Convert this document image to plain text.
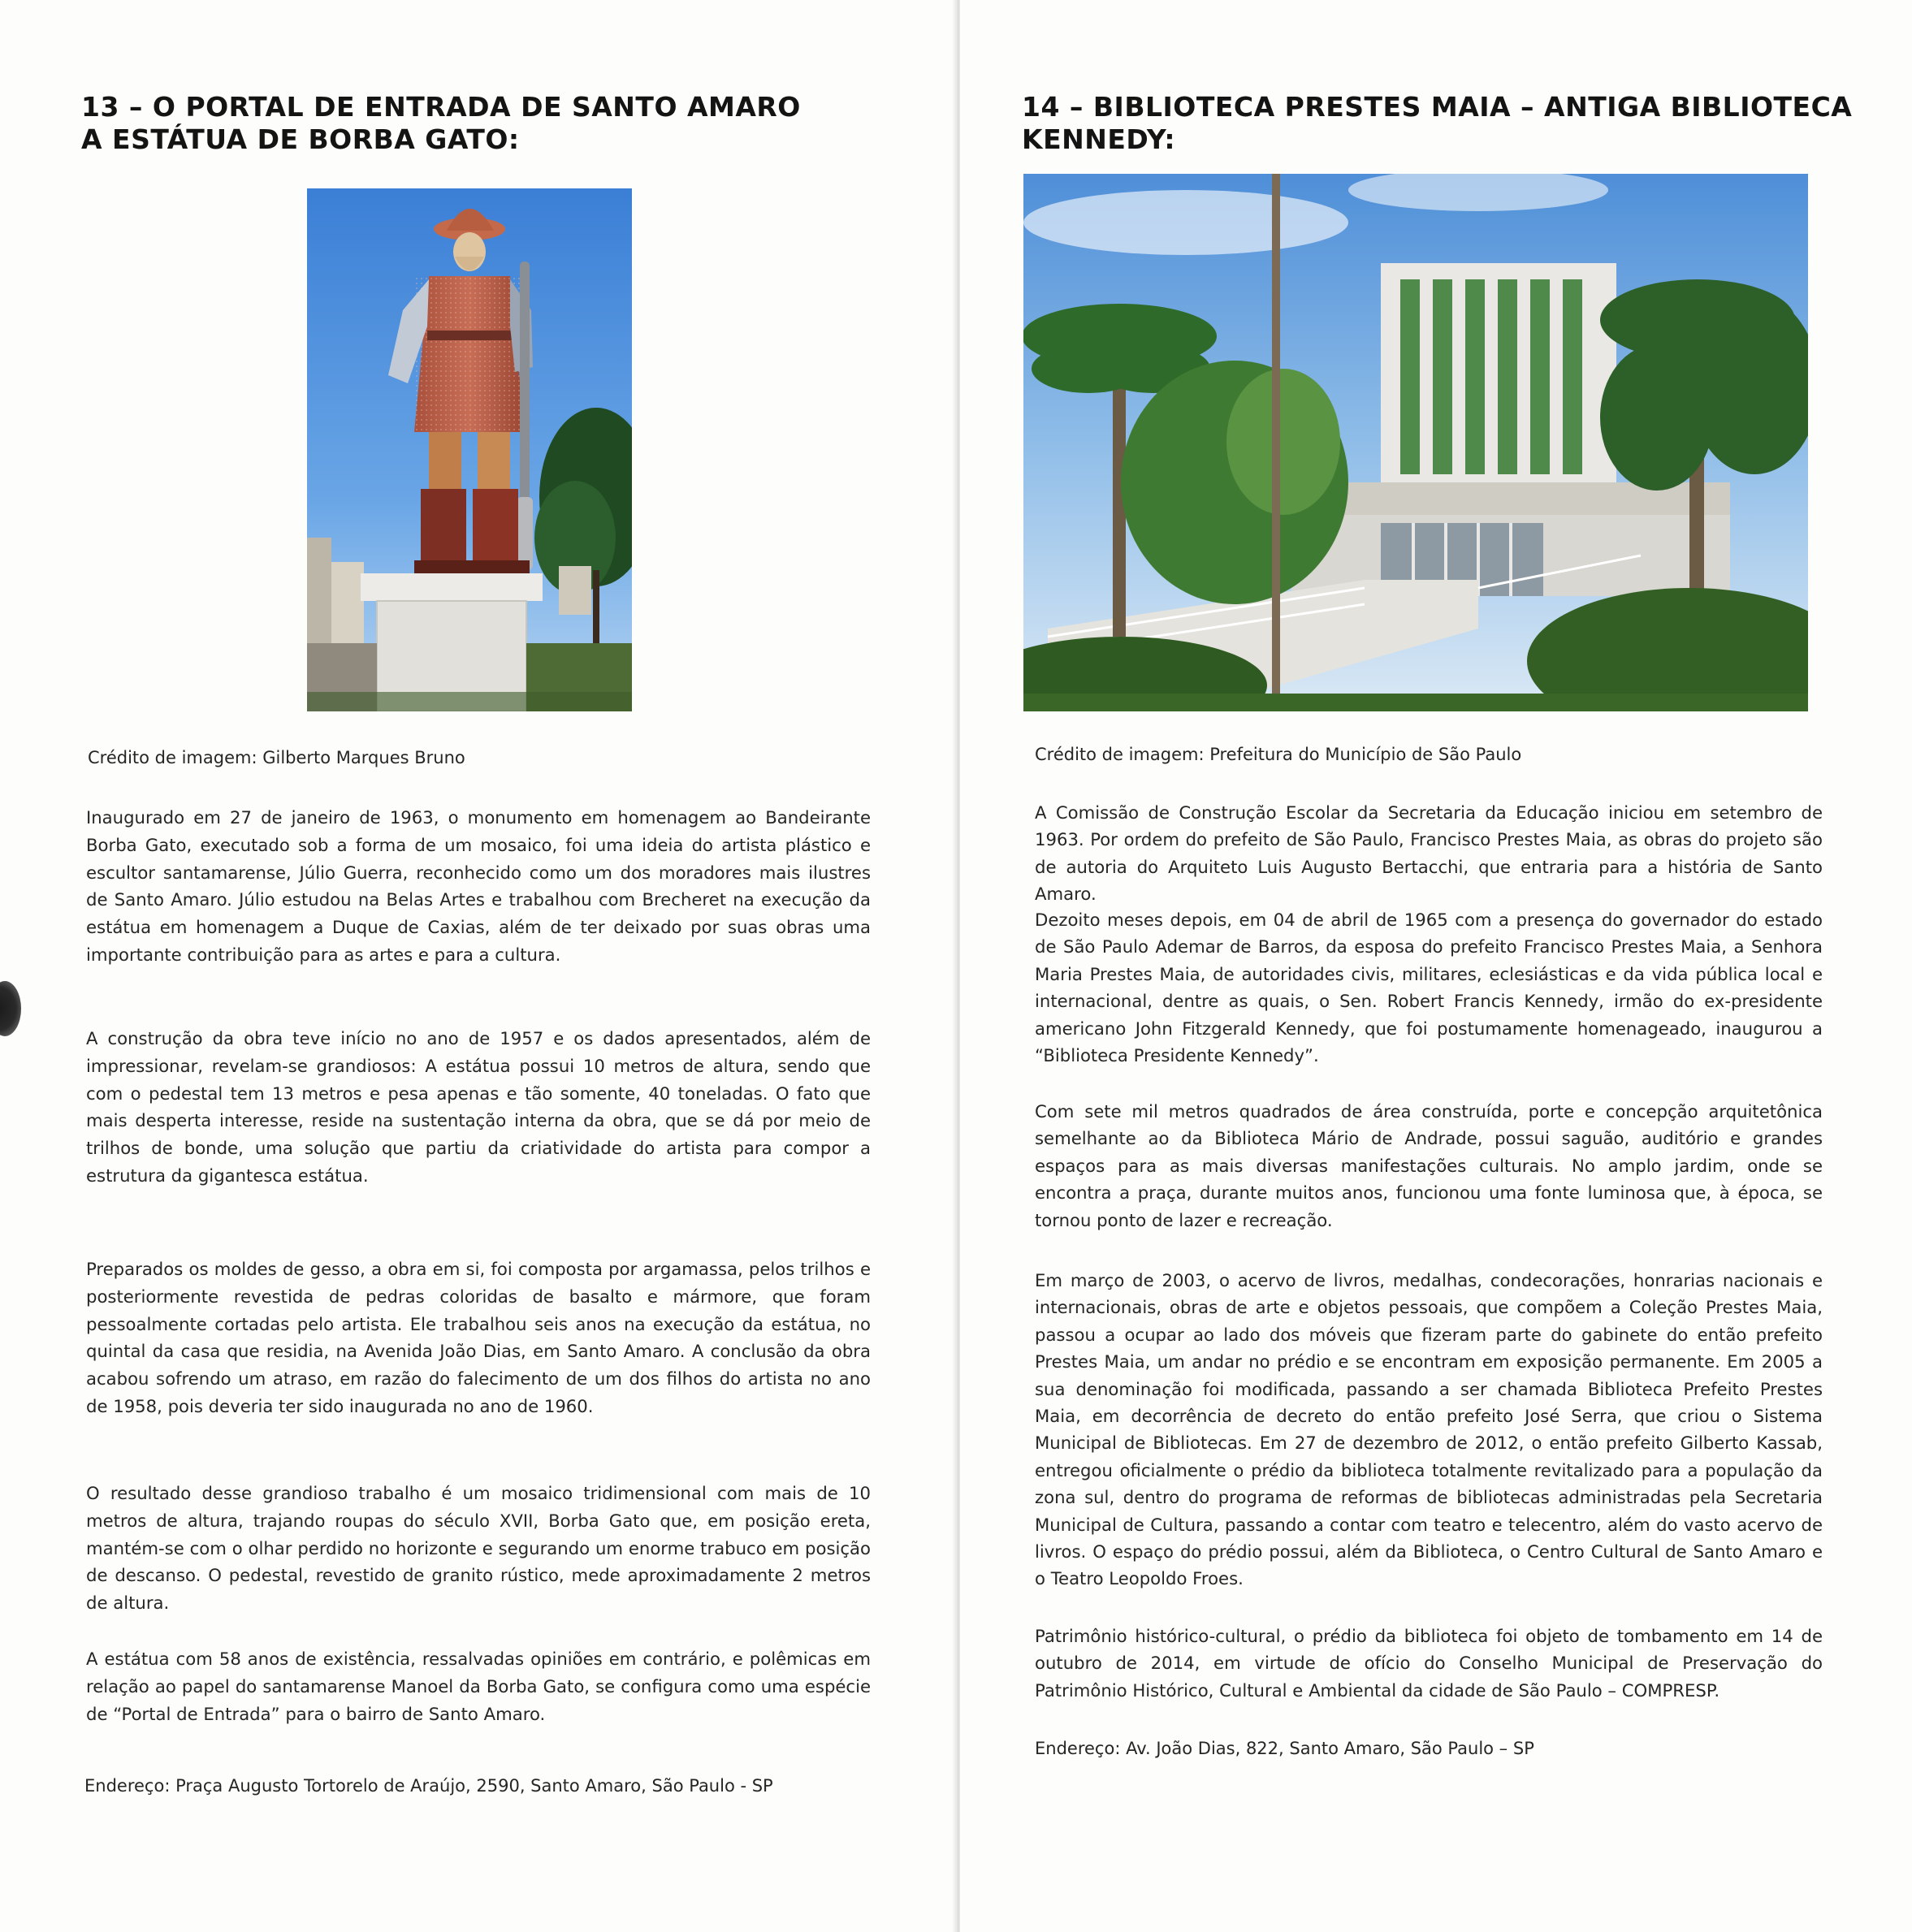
13 – O PORTAL DE ENTRADA DE SANTO AMARO
A ESTÁTUA DE BORBA GATO:

Crédito de imagem: Gilberto Marques Bruno

Inaugurado em 27 de janeiro de 1963, o monumento em homenagem ao Bandeirante Borba Gato, executado sob a forma de um mosaico, foi uma ideia do artista plástico e escultor santamarense, Júlio Guerra, reconhecido como um dos moradores mais ilustres de Santo Amaro. Júlio estudou na Belas Artes e trabalhou com Brecheret na execução da estátua em homenagem a Duque de Caxias, além de ter deixado por suas obras uma importante contribuição para as artes e para a cultura.

A construção da obra teve início no ano de 1957 e os dados apresentados, além de impressionar, revelam-se grandiosos: A estátua possui 10 metros de altura, sendo que com o pedestal tem 13 metros e pesa apenas e tão somente, 40 toneladas. O fato que mais desperta interesse, reside na sustentação interna da obra, que se dá por meio de trilhos de bonde, uma solução que partiu da criatividade do artista para compor a estrutura da gigantesca estátua.

Preparados os moldes de gesso, a obra em si, foi composta por argamassa, pelos trilhos e posteriormente revestida de pedras coloridas de basalto e mármore, que foram pessoalmente cortadas pelo artista. Ele trabalhou seis anos na execução da estátua, no quintal da casa que residia, na Avenida João Dias, em Santo Amaro. A conclusão da obra acabou sofrendo um atraso, em razão do falecimento de um dos filhos do artista no ano de 1958, pois deveria ter sido inaugurada no ano de 1960.

O resultado desse grandioso trabalho é um mosaico tridimensional com mais de 10 metros de altura, trajando roupas do século XVII, Borba Gato que, em posição ereta, mantém-se com o olhar perdido no horizonte e segurando um enorme trabuco em posição de descanso. O pedestal, revestido de granito rústico, mede aproximadamente 2 metros de altura.

A estátua com 58 anos de existência, ressalvadas opiniões em contrário, e polêmicas em relação ao papel do santamarense Manoel da Borba Gato, se configura como uma espécie de “Portal de Entrada” para o bairro de Santo Amaro.

Endereço: Praça Augusto Tortorelo de Araújo, 2590, Santo Amaro, São Paulo - SP

14 – BIBLIOTECA PRESTES MAIA – ANTIGA BIBLIOTECA
KENNEDY:

Crédito de imagem: Prefeitura do Município de São Paulo

A Comissão de Construção Escolar da Secretaria da Educação iniciou em setembro de 1963. Por ordem do prefeito de São Paulo, Francisco Prestes Maia, as obras do projeto são de autoria do Arquiteto Luis Augusto Bertacchi, que entraria para a história de Santo Amaro.

Dezoito meses depois, em 04 de abril de 1965 com a presença do governador do estado de São Paulo Ademar de Barros, da esposa do prefeito Francisco Prestes Maia, a Senhora Maria Prestes Maia, de autoridades civis, militares, eclesiásticas e da vida pública local e internacional, dentre as quais, o Sen. Robert Francis Kennedy, irmão do ex-presidente americano John Fitzgerald Kennedy, que foi postumamente homenageado, inaugurou a “Biblioteca Presidente Kennedy”.

Com sete mil metros quadrados de área construída, porte e concepção arquitetônica semelhante ao da Biblioteca Mário de Andrade, possui saguão, auditório e grandes espaços para as mais diversas manifestações culturais. No amplo jardim, onde se encontra a praça, durante muitos anos, funcionou uma fonte luminosa que, à época, se tornou ponto de lazer e recreação.

Em março de 2003, o acervo de livros, medalhas, condecorações, honrarias nacionais e internacionais, obras de arte e objetos pessoais, que compõem a Coleção Prestes Maia, passou a ocupar ao lado dos móveis que fizeram parte do gabinete do então prefeito Prestes Maia, um andar no prédio e se encontram em exposição permanente. Em 2005 a sua denominação foi modificada, passando a ser chamada Biblioteca Prefeito Prestes Maia, em decorrência de decreto do então prefeito José Serra, que criou o Sistema Municipal de Bibliotecas. Em 27 de dezembro de 2012, o então prefeito Gilberto Kassab, entregou oficialmente o prédio da biblioteca totalmente revitalizado para a população da zona sul, dentro do programa de reformas de bibliotecas administradas pela Secretaria Municipal de Cultura, passando a contar com teatro e telecentro, além do vasto acervo de livros. O espaço do prédio possui, além da Biblioteca, o Centro Cultural de Santo Amaro e o Teatro Leopoldo Froes.

Patrimônio histórico-cultural, o prédio da biblioteca foi objeto de tombamento em 14 de outubro de 2014, em virtude de ofício do Conselho Municipal de Preservação do Patrimônio Histórico, Cultural e Ambiental da cidade de São Paulo – COMPRESP.

Endereço: Av. João Dias, 822, Santo Amaro, São Paulo – SP
